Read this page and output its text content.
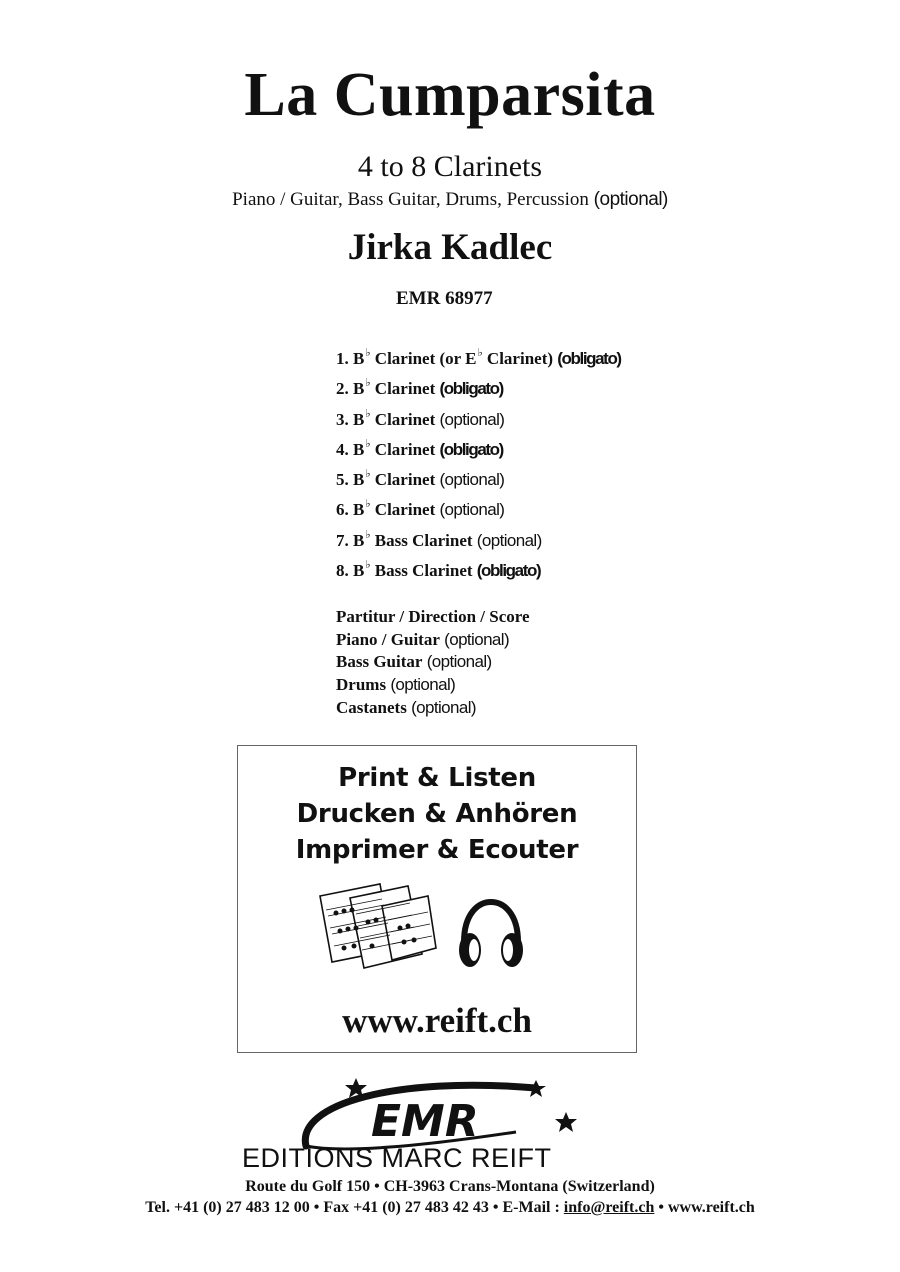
La Cumparsita
4 to 8 Clarinets
Piano / Guitar, Bass Guitar, Drums, Percussion (optional)
Jirka Kadlec
EMR 68977
1. B♭ Clarinet (or E♭ Clarinet) (obligato)
2. B♭ Clarinet (obligato)
3. B♭ Clarinet (optional)
4. B♭ Clarinet (obligato)
5. B♭ Clarinet (optional)
6. B♭ Clarinet (optional)
7. B♭ Bass Clarinet (optional)
8. B♭ Bass Clarinet (obligato)
Partitur / Direction / Score
Piano / Guitar (optional)
Bass Guitar (optional)
Drums (optional)
Castanets (optional)
Print & Listen
Drucken & Anhören
Imprimer & Ecouter
www.reift.ch
EMR
EDITIONS MARC REIFT
Route du Golf 150 • CH-3963 Crans-Montana (Switzerland)
Tel. +41 (0) 27 483 12 00 • Fax +41 (0) 27 483 42 43 • E-Mail : info@reift.ch • www.reift.ch
